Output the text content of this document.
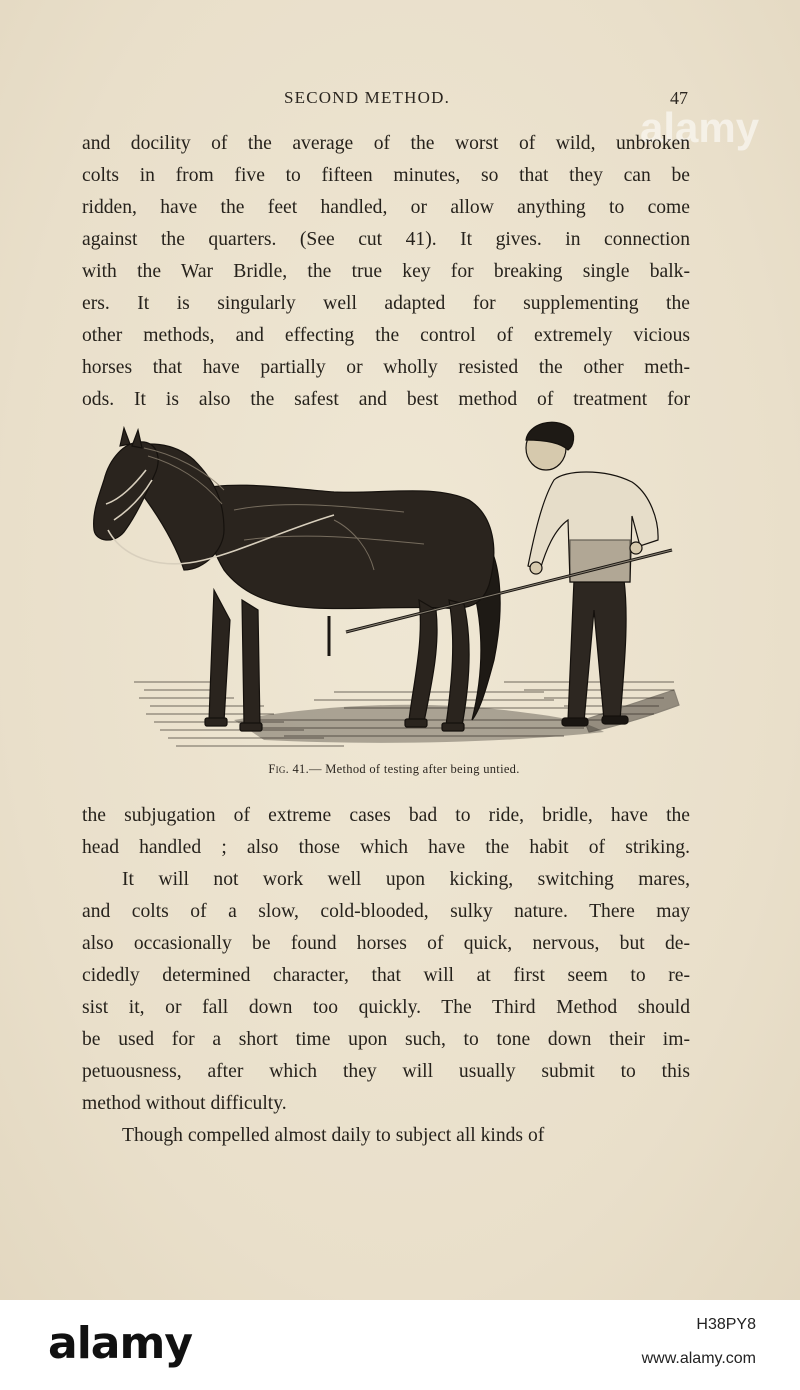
SECOND METHOD.	47
alamy
and docility of the average of the worst of wild, unbroken
colts in from five to fifteen minutes, so that they can be
ridden, have the feet handled, or allow anything to come
against the quarters. (See cut 41). It gives. in connection
with the War Bridle, the true key for breaking single balk-
ers. It is singularly well adapted for supplementing the
other methods, and effecting the control of extremely vicious
horses that have partially or wholly resisted the other meth-
ods. It is also the safest and best method of treatment for
Fig. 41.— Method of testing after being untied.
the subjugation of extreme cases bad to ride, bridle, have the
head handled ; also those which have the habit of striking.
It will not work well upon kicking, switching mares,
and colts of a slow, cold-blooded, sulky nature. There may
also occasionally be found horses of quick, nervous, but de-
cidedly determined character, that will at first seem to re-
sist it, or fall down too quickly. The Third Method should
be used for a short time upon such, to tone down their im-
petuousness, after which they will usually submit to this
method without difficulty.
Though compelled almost daily to subject all kinds of
alamy	H38PY8
www.alamy.com
